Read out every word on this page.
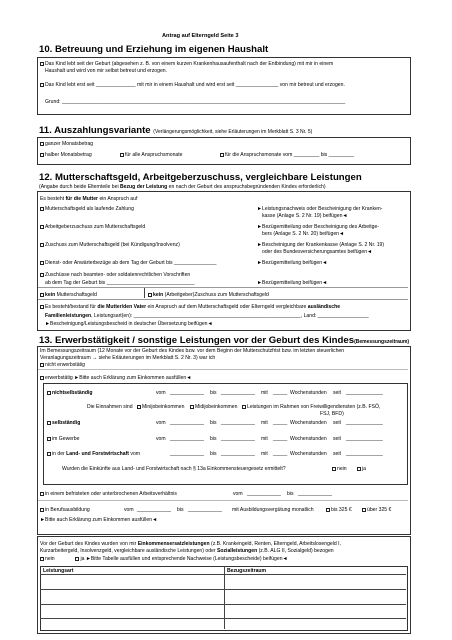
Antrag auf Elterngeld Seite 3
10. Betreuung und Erziehung im eigenen Haushalt
Das Kind lebt seit der Geburt (abgesehen z. B. von einem kurzen Krankenhausaufenthalt nach der Entbindung) mit mir in einem
Haushalt und wird von mir selbst betreut und erzogen.
Das Kind lebt erst seit ______________ mit mir in einem Haushalt und wird erst seit _______________ von mir betreut und erzogen.
Grund: ____________________________________________________________________________________________________
11. Auszahlungsvariante (Verlängerungsmöglichkeit, siehe Erläuterungen im Merkblatt S. 3 Nr. 5)
ganzer Monatsbetrag
halber Monatsbetrag	für alle Anspruchsmonate	für die Anspruchsmonate vom _________ bis _________
12. Mutterschaftsgeld, Arbeitgeberzuschuss, vergleichbare Leistungen
(Angabe durch beide Elternteile bei Bezug der Leistung en nach der Geburt des anspruchsbegründenden Kindes erforderlich)
Es besteht für die Mutter ein Anspruch auf
Mutterschaftsgeld als laufende Zahlung	►Leistungsnachweis oder Bescheinigung der Kranken-
kasse (Anlage S. 2 Nr. 19) beifügen◄
Arbeitgeberzuschuss zum Mutterschaftsgeld	►Bezügemitteilung oder Bescheinigung des Arbeitge-
bers (Anlage S. 2 Nr. 20) beifügen◄
Zuschuss zum Mutterschaftsgeld (bei Kündigung/Insolvenz)	►Bescheinigung der Krankenkasse (Anlage S. 2 Nr. 19)
oder des Bundesversicherungsamtes beifügen◄
Dienst- oder Anwärterbezüge ab dem Tag der Geburt bis _______________	►Bezügemitteilung beifügen◄
Zuschüsse nach beamten- oder soldatenrechtlichen Vorschriften
ab dem Tag der Geburt bis _______________________________	►Bezügemitteilung beifügen◄
kein Mutterschaftsgeld	kein (Arbeitgeber)Zuschuss zum Mutterschaftsgeld
Es besteht/bestand für die Mutter/den Vater ein Anspruch auf dem Mutterschaftsgeld oder Elterngeld vergleichbare ausländische
Familienleistungen, Leistungsart(en): ___________________________________________________________, Land: __________________
►Bescheinigung/Leistungsbescheid in deutscher Übersetzung beifügen◄
13. Erwerbstätigkeit / sonstige Leistungen vor der Geburt des Kindes(Bemessungszeitraum)
Im Bemessungszeitraum (12 Monate vor der Geburt des Kindes bzw. vor dem Beginn der Mutterschutzfrist bzw. im letzten steuerlichen
Veranlagungszeitraum → siehe Erläuterungen im Merkblatt S. 2 Nr. 3) war ich
nicht erwerbstätig
erwerbstätig ►Bitte auch Erklärung zum Einkommen ausfüllen◄
nichtselbständig	vom ____________ bis ____________ mit _____ Wochenstunden seit _____________
Die Einnahmen sind	Minijobeinkommen	Midijobeinkommen	Leistungen im Rahmen von Freiwilligendiensten (z.B. FSÖ,
FSJ, BFD)
selbständig	vom ____________ bis ____________ mit _____ Wochenstunden seit _____________
im Gewerbe	vom ____________ bis ____________ mit _____ Wochenstunden seit _____________
in der Land- und Forstwirtschaft vom	____________ bis ____________ mit _____ Wochenstunden seit _____________
Wurden die Einkünfte aus Land- und Forstwirtschaft nach § 13a Einkommensteuergesetz ermittelt?	nein	ja
in einem befristeten oder unterbrochenen Arbeitsverhältnis	vom ____________ bis ____________
in Berufsausbildung	vom ____________ bis ____________ mit Ausbildungsvergütung monatlich	bis 325 €	über 325 €
►Bitte auch Erklärung zum Einkommen ausfüllen◄
Vor der Geburt des Kindes wurden von mir Einkommensersatzleistungen (z.B. Krankengeld, Renten, Elterngeld, Arbeitslosengeld I,
Kurzarbeitergeld, Insolvenzgeld, vergleichbare ausländische Leistungen) oder Sozialleistungen (z.B. ALG II, Sozialgeld) bezogen
nein	ja ►Bitte Tabelle ausfüllen und entsprechende Nachweise (Leistungsbescheide) beifügen◄
Leistungsart	Bezugszeitraum
